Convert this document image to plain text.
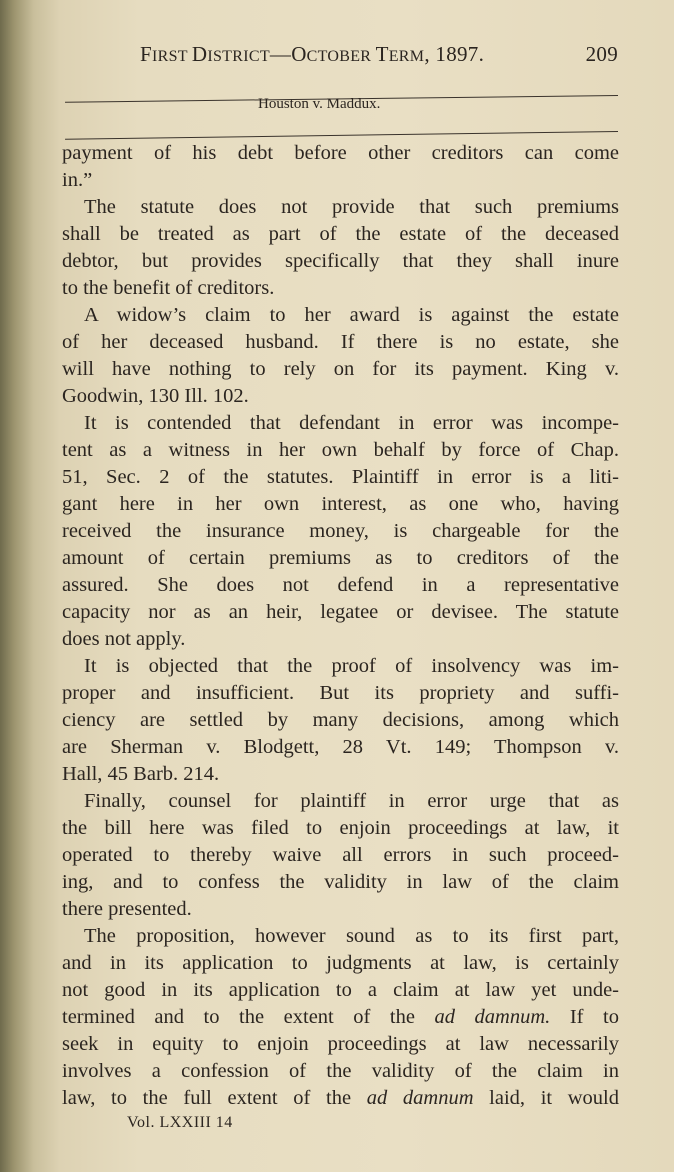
FIRST DISTRICT—OCTOBER TERM, 1897.	209
Houston v. Maddux.
payment of his debt before other creditors can come
in.”
The statute does not provide that such premiums
shall be treated as part of the estate of the deceased
debtor, but provides specifically that they shall inure
to the benefit of creditors.
A widow’s claim to her award is against the estate
of her deceased husband. If there is no estate, she
will have nothing to rely on for its payment. King v.
Goodwin, 130 Ill. 102.
It is contended that defendant in error was incompe-
tent as a witness in her own behalf by force of Chap.
51, Sec. 2 of the statutes. Plaintiff in error is a liti-
gant here in her own interest, as one who, having
received the insurance money, is chargeable for the
amount of certain premiums as to creditors of the
assured. She does not defend in a representative
capacity nor as an heir, legatee or devisee. The statute
does not apply.
It is objected that the proof of insolvency was im-
proper and insufficient. But its propriety and suffi-
ciency are settled by many decisions, among which
are Sherman v. Blodgett, 28 Vt. 149; Thompson v.
Hall, 45 Barb. 214.
Finally, counsel for plaintiff in error urge that as
the bill here was filed to enjoin proceedings at law, it
operated to thereby waive all errors in such proceed-
ing, and to confess the validity in law of the claim
there presented.
The proposition, however sound as to its first part,
and in its application to judgments at law, is certainly
not good in its application to a claim at law yet unde-
termined and to the extent of the ad damnum. If to
seek in equity to enjoin proceedings at law necessarily
involves a confession of the validity of the claim in
law, to the full extent of the ad damnum laid, it would
Vol. LXXIII 14
